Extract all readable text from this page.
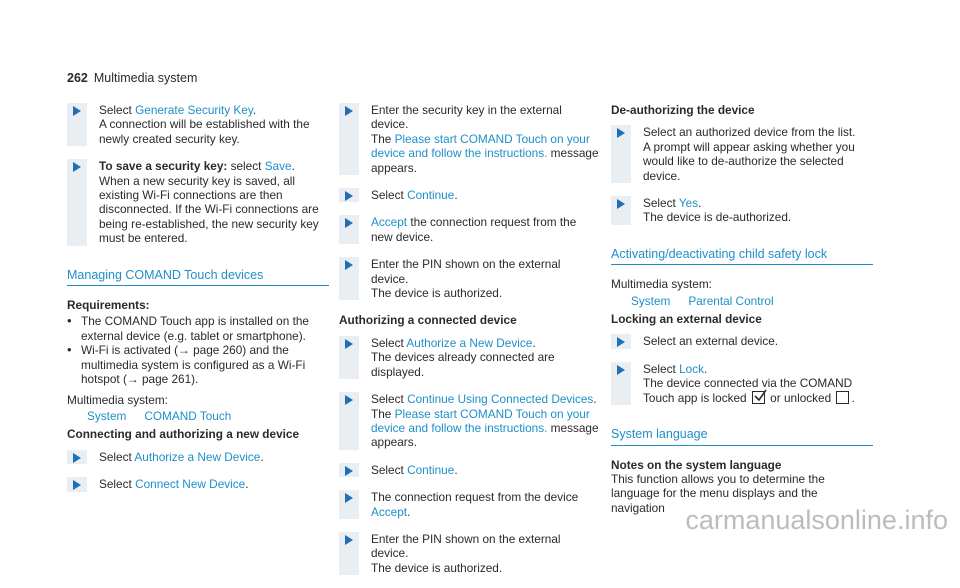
262 Multimedia system
Select Generate Security Key.
A connection will be established with the newly created security key.
To save a security key: select Save.
When a new security key is saved, all existing Wi-Fi connections are then disconnected. If the Wi-Fi connections are being re-established, the new security key must be entered.
Managing COMAND Touch devices
Requirements:
• The COMAND Touch app is installed on the external device (e.g. tablet or smartphone).
• Wi-Fi is activated (→ page 260) and the multimedia system is configured as a Wi-Fi hotspot (→ page 261).
Multimedia system:
System COMAND Touch
Connecting and authorizing a new device
Select Authorize a New Device.
Select Connect New Device.
Enter the security key in the external device.
The Please start COMAND Touch on your device and follow the instructions. message appears.
Select Continue.
Accept the connection request from the new device.
Enter the PIN shown on the external device.
The device is authorized.
Authorizing a connected device
Select Authorize a New Device.
The devices already connected are displayed.
Select Continue Using Connected Devices.
The Please start COMAND Touch on your device and follow the instructions. message appears.
Select Continue.
The connection request from the device Accept.
Enter the PIN shown on the external device.
The device is authorized.
De-authorizing the device
Select an authorized device from the list.
A prompt will appear asking whether you would like to de-authorize the selected device.
Select Yes.
The device is de-authorized.
Activating/deactivating child safety lock
Multimedia system:
System Parental Control
Locking an external device
Select an external device.
Select Lock.
The device connected via the COMAND Touch app is locked
or unlocked .
System language
Notes on the system language
This function allows you to determine the language for the menu displays and the navigation carmanualsonline.info
